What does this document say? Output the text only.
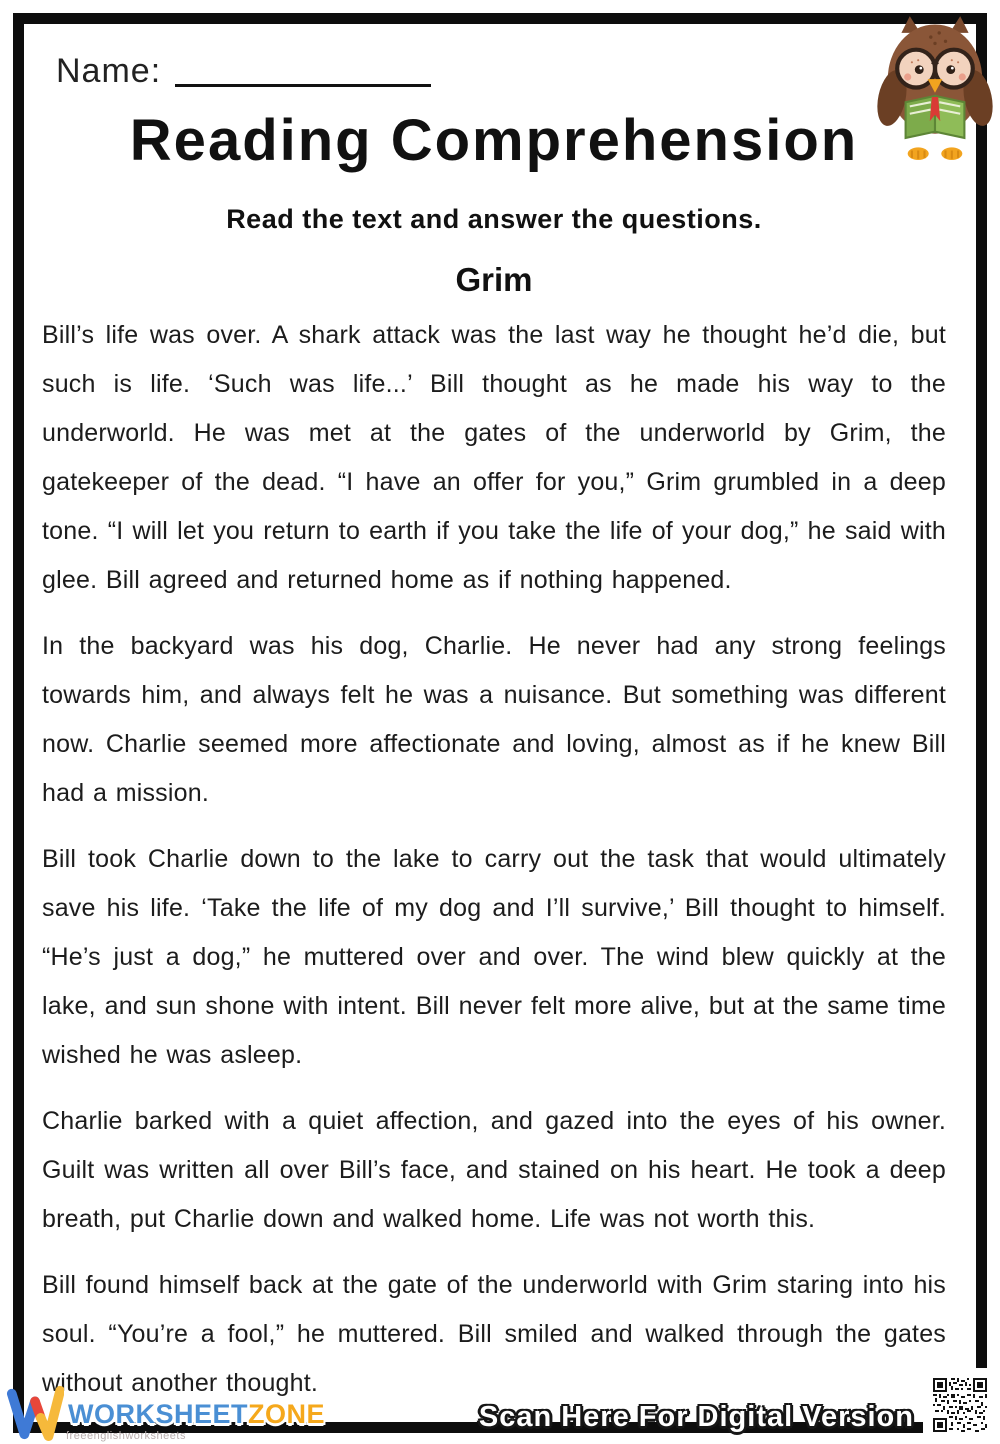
Name:
Reading Comprehension
Read the text and answer the questions.
Grim

Bill’s life was over. A shark attack was the last way he thought he’d die, but such is life. ‘Such was life...’ Bill thought as he made his way to the underworld. He was met at the gates of the underworld by Grim, the gatekeeper of the dead. “I have an offer for you,” Grim grumbled in a deep tone. “I will let you return to earth if you take the life of your dog,” he said with glee. Bill agreed and returned home as if nothing happened.

In the backyard was his dog, Charlie. He never had any strong feelings towards him, and always felt he was a nuisance. But something was different now. Charlie seemed more affectionate and loving, almost as if he knew Bill had a mission.

Bill took Charlie down to the lake to carry out the task that would ultimately save his life. ‘Take the life of my dog and I’ll survive,’ Bill thought to himself. “He’s just a dog,” he muttered over and over. The wind blew quickly at the lake, and sun shone with intent. Bill never felt more alive, but at the same time wished he was asleep.

Charlie barked with a quiet affection, and gazed into the eyes of his owner. Guilt was written all over Bill’s face, and stained on his heart. He took a deep breath, put Charlie down and walked home. Life was not worth this.

Bill found himself back at the gate of the underworld with Grim staring into his soul. “You’re a fool,” he muttered. Bill smiled and walked through the gates without another thought.

WORKSHEETZONE
freeenglishworksheets
Scan Here For Digital Version
